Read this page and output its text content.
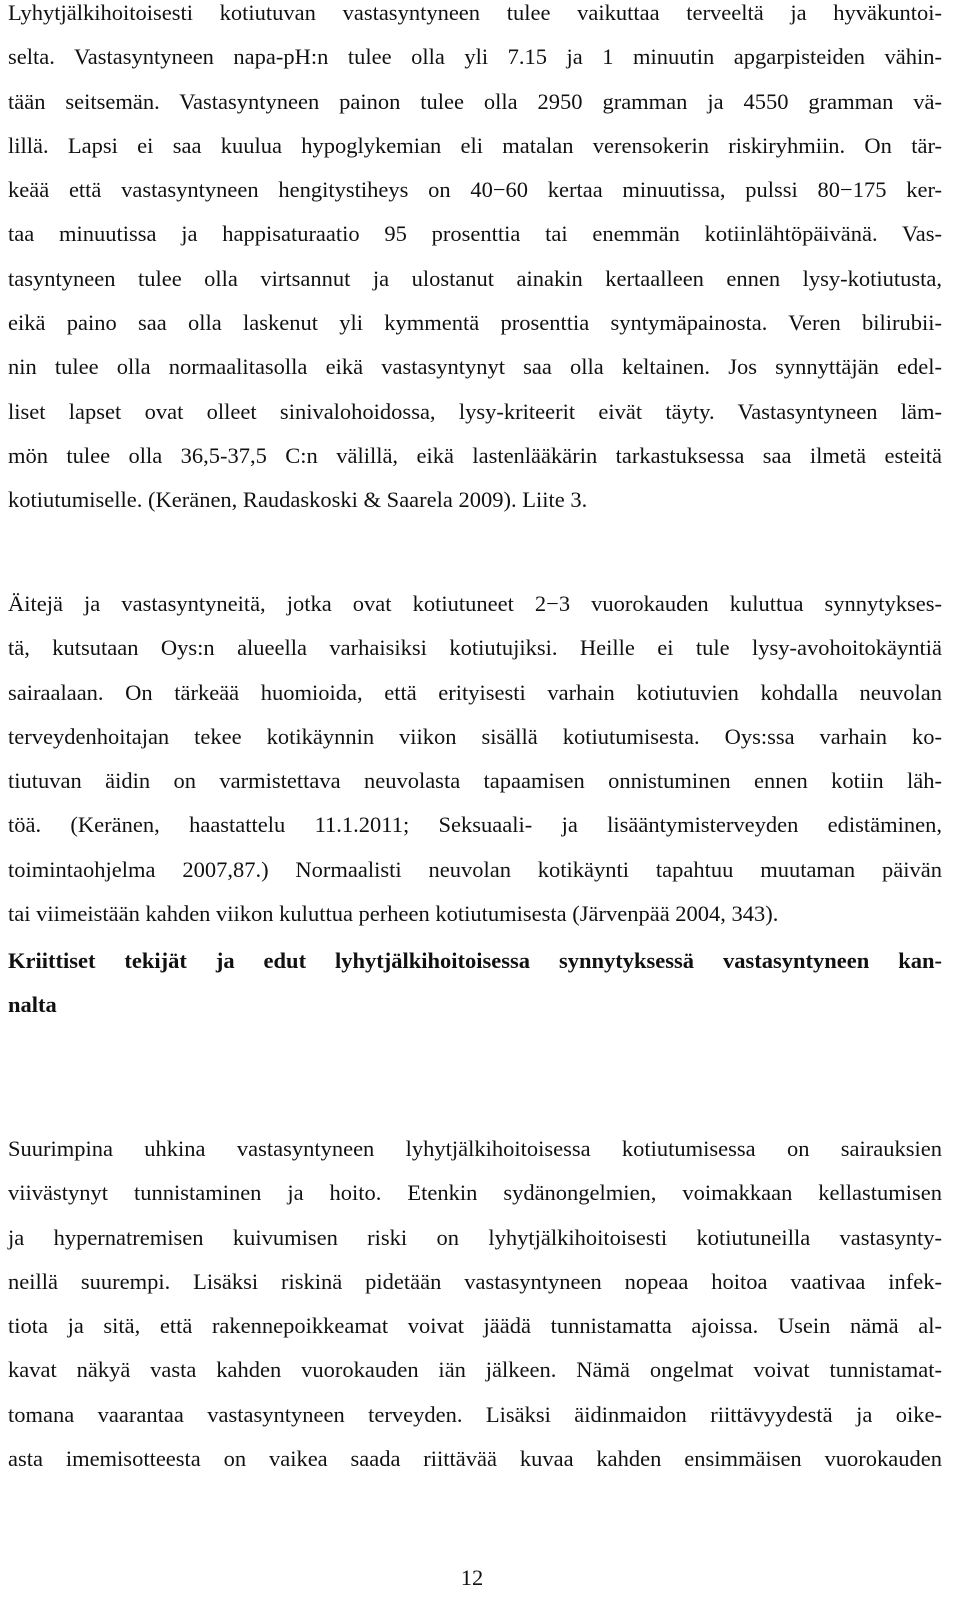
Lyhytjälkihoitoisesti kotiutuvan vastasyntyneen tulee vaikuttaa terveeltä ja hyväkuntoi-
selta. Vastasyntyneen napa-pH:n tulee olla yli 7.15 ja 1 minuutin apgarpisteiden vähin-
tään seitsemän. Vastasyntyneen painon tulee olla 2950 gramman ja 4550 gramman vä-
lillä. Lapsi ei saa kuulua hypoglykemian eli matalan verensokerin riskiryhmiin. On tär-
keää että vastasyntyneen hengitystiheys on 40−60 kertaa minuutissa, pulssi 80−175 ker-
taa minuutissa ja happisaturaatio 95 prosenttia tai enemmän kotiinlähtöpäivänä. Vas-
tasyntyneen tulee olla virtsannut ja ulostanut ainakin kertaalleen ennen lysy-kotiutusta,
eikä paino saa olla laskenut yli kymmentä prosenttia syntymäpainosta. Veren bilirubii-
nin tulee olla normaalitasolla eikä vastasyntynyt saa olla keltainen. Jos synnyttäjän edel-
liset lapset ovat olleet sinivalohoidossa, lysy-kriteerit eivät täyty. Vastasyntyneen läm-
mön tulee olla 36,5-37,5 C:n välillä, eikä lastenlääkärin tarkastuksessa saa ilmetä esteitä
kotiutumiselle. (Keränen, Raudaskoski & Saarela 2009). Liite 3.
Äitejä ja vastasyntyneitä, jotka ovat kotiutuneet 2−3 vuorokauden kuluttua synnytykses-
tä, kutsutaan Oys:n alueella varhaisiksi kotiutujiksi. Heille ei tule lysy-avohoitokäyntiä
sairaalaan. On tärkeää huomioida, että erityisesti varhain kotiutuvien kohdalla neuvolan
terveydenhoitajan tekee kotikäynnin viikon sisällä kotiutumisesta. Oys:ssa varhain ko-
tiutuvan äidin on varmistettava neuvolasta tapaamisen onnistuminen ennen kotiin läh-
töä. (Keränen, haastattelu 11.1.2011; Seksuaali- ja lisääntymisterveyden edistäminen,
toimintaohjelma 2007,87.) Normaalisti neuvolan kotikäynti tapahtuu muutaman päivän
tai viimeistään kahden viikon kuluttua perheen kotiutumisesta (Järvenpää 2004, 343).
Kriittiset tekijät ja edut lyhytjälkihoitoisessa synnytyksessä vastasyntyneen kan-
nalta
Suurimpina uhkina vastasyntyneen lyhytjälkihoitoisessa kotiutumisessa on sairauksien
viivästynyt tunnistaminen ja hoito. Etenkin sydänongelmien, voimakkaan kellastumisen
ja hypernatremisen kuivumisen riski on lyhytjälkihoitoisesti kotiutuneilla vastasynty-
neillä suurempi. Lisäksi riskinä pidetään vastasyntyneen nopeaa hoitoa vaativaa infek-
tiota ja sitä, että rakennepoikkeamat voivat jäädä tunnistamatta ajoissa. Usein nämä al-
kavat näkyä vasta kahden vuorokauden iän jälkeen. Nämä ongelmat voivat tunnistamat-
tomana vaarantaa vastasyntyneen terveyden. Lisäksi äidinmaidon riittävyydestä ja oike-
asta imemisotteesta on vaikea saada riittävää kuvaa kahden ensimmäisen vuorokauden
12
